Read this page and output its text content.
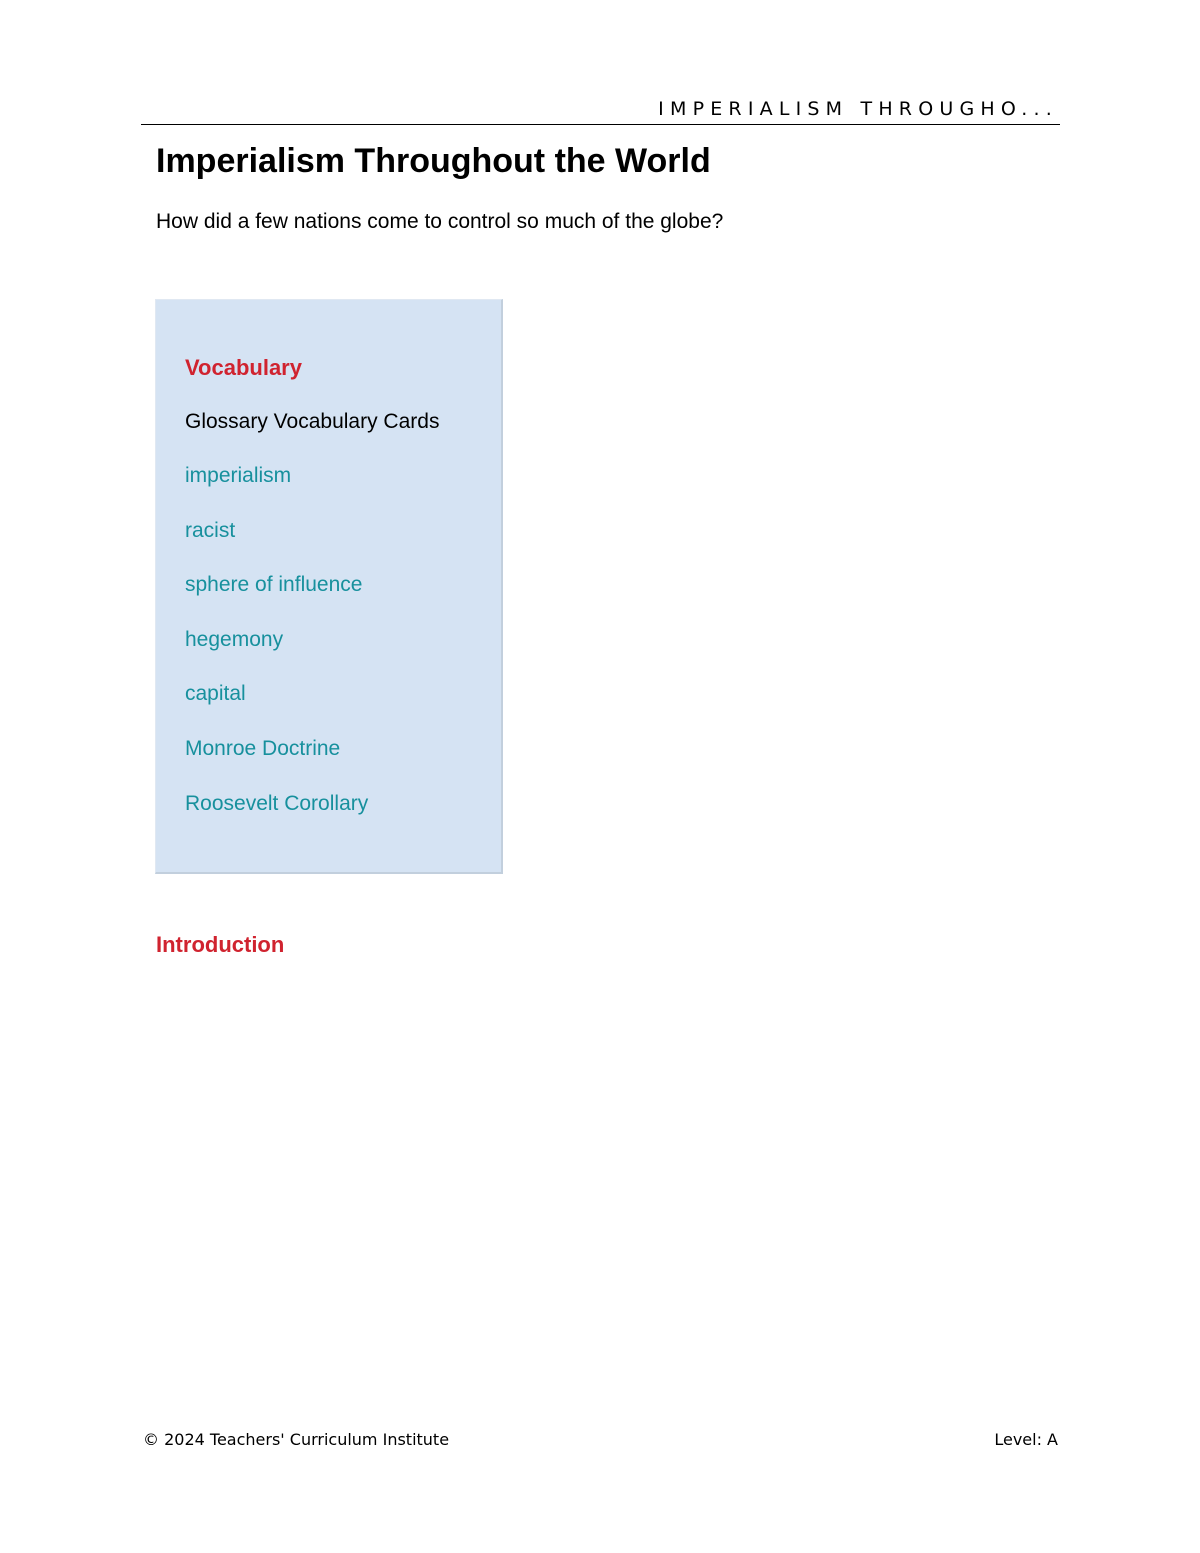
IMPERIALISM THROUGHO...
Imperialism Throughout the World

How did a few nations come to control so much of the globe?

Vocabulary
Glossary Vocabulary Cards
imperialism
racist
sphere of influence
hegemony
capital
Monroe Doctrine
Roosevelt Corollary
Introduction
© 2024 Teachers' Curriculum Institute	Level: A
